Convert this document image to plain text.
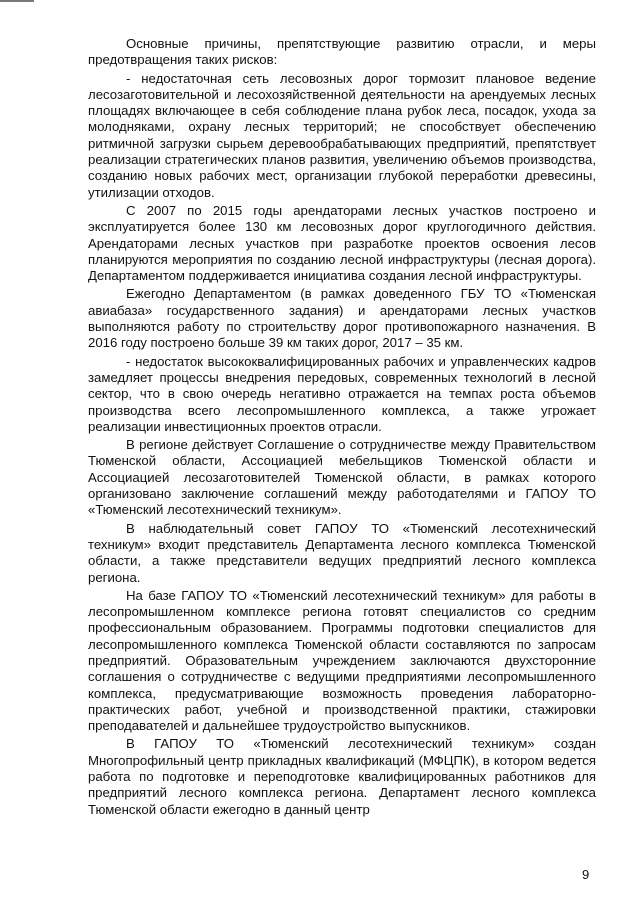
Основные причины, препятствующие развитию отрасли, и меры предотвращения таких рисков:

- недостаточная сеть лесовозных дорог тормозит плановое ведение лесозаготовительной и лесохозяйственной деятельности на арендуемых лесных площадях включающее в себя соблюдение плана рубок леса, посадок, ухода за молодняками, охрану лесных территорий; не способствует обеспечению ритмичной загрузки сырьем деревообрабатывающих предприятий, препятствует реализации стратегических планов развития, увеличению объемов производства, созданию новых рабочих мест, организации глубокой переработки древесины, утилизации отходов.

С 2007 по 2015 годы арендаторами лесных участков построено и эксплуатируется более 130 км лесовозных дорог круглогодичного действия. Арендаторами лесных участков при разработке проектов освоения лесов планируются мероприятия по созданию лесной инфраструктуры (лесная дорога). Департаментом поддерживается инициатива создания лесной инфраструктуры.

Ежегодно Департаментом (в рамках доведенного ГБУ ТО «Тюменская авиабаза» государственного задания) и арендаторами лесных участков выполняются работу по строительству дорог противопожарного назначения. В 2016 году построено больше 39 км таких дорог, 2017 – 35 км.

- недостаток высококвалифицированных рабочих и управленческих кадров замедляет процессы внедрения передовых, современных технологий в лесной сектор, что в свою очередь негативно отражается на темпах роста объемов производства всего лесопромышленного комплекса, а также угрожает реализации инвестиционных проектов отрасли.

В регионе действует Соглашение о сотрудничестве между Правительством Тюменской области, Ассоциацией мебельщиков Тюменской области и Ассоциацией лесозаготовителей Тюменской области, в рамках которого организовано заключение соглашений между работодателями и ГАПОУ ТО «Тюменский лесотехнический техникум».

В наблюдательный совет ГАПОУ ТО «Тюменский лесотехнический техникум» входит представитель Департамента лесного комплекса Тюменской области, а также представители ведущих предприятий лесного комплекса региона.

На базе ГАПОУ ТО «Тюменский лесотехнический техникум» для работы в лесопромышленном комплексе региона готовят специалистов со средним профессиональным образованием. Программы подготовки специалистов для лесопромышленного комплекса Тюменской области составляются по запросам предприятий. Образовательным учреждением заключаются двухсторонние соглашения о сотрудничестве с ведущими предприятиями лесопромышленного комплекса, предусматривающие возможность проведения лабораторно-практических работ, учебной и производственной практики, стажировки преподавателей и дальнейшее трудоустройство выпускников.

В ГАПОУ ТО «Тюменский лесотехнический техникум» создан Многопрофильный центр прикладных квалификаций (МФЦПК), в котором ведется работа по подготовке и переподготовке квалифицированных работников для предприятий лесного комплекса региона. Департамент лесного комплекса Тюменской области ежегодно в данный центр

9
